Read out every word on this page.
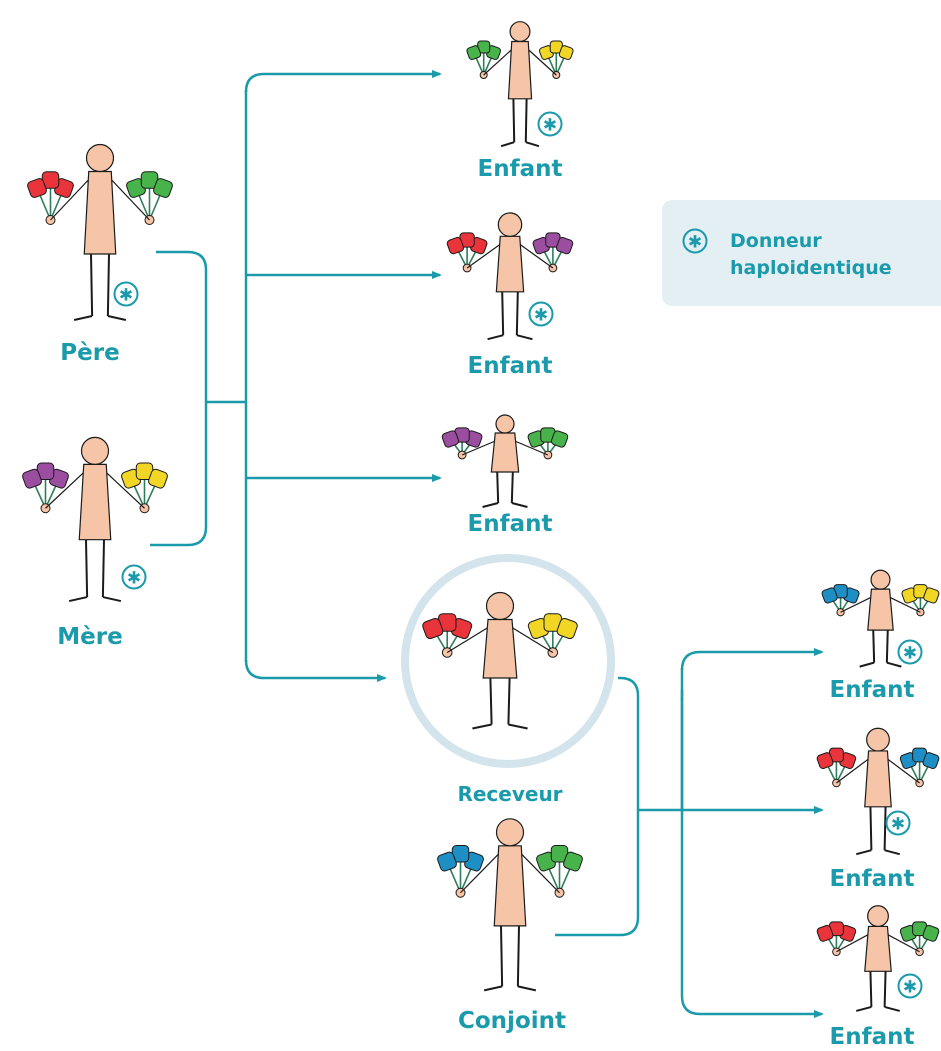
✱
✱
✱
✱
✱
✱
✱
Enfant
Enfant
Enfant
Père
Mère
Receveur
Conjoint
Enfant
Enfant
Enfant
✱ Donneur
haploidentique
